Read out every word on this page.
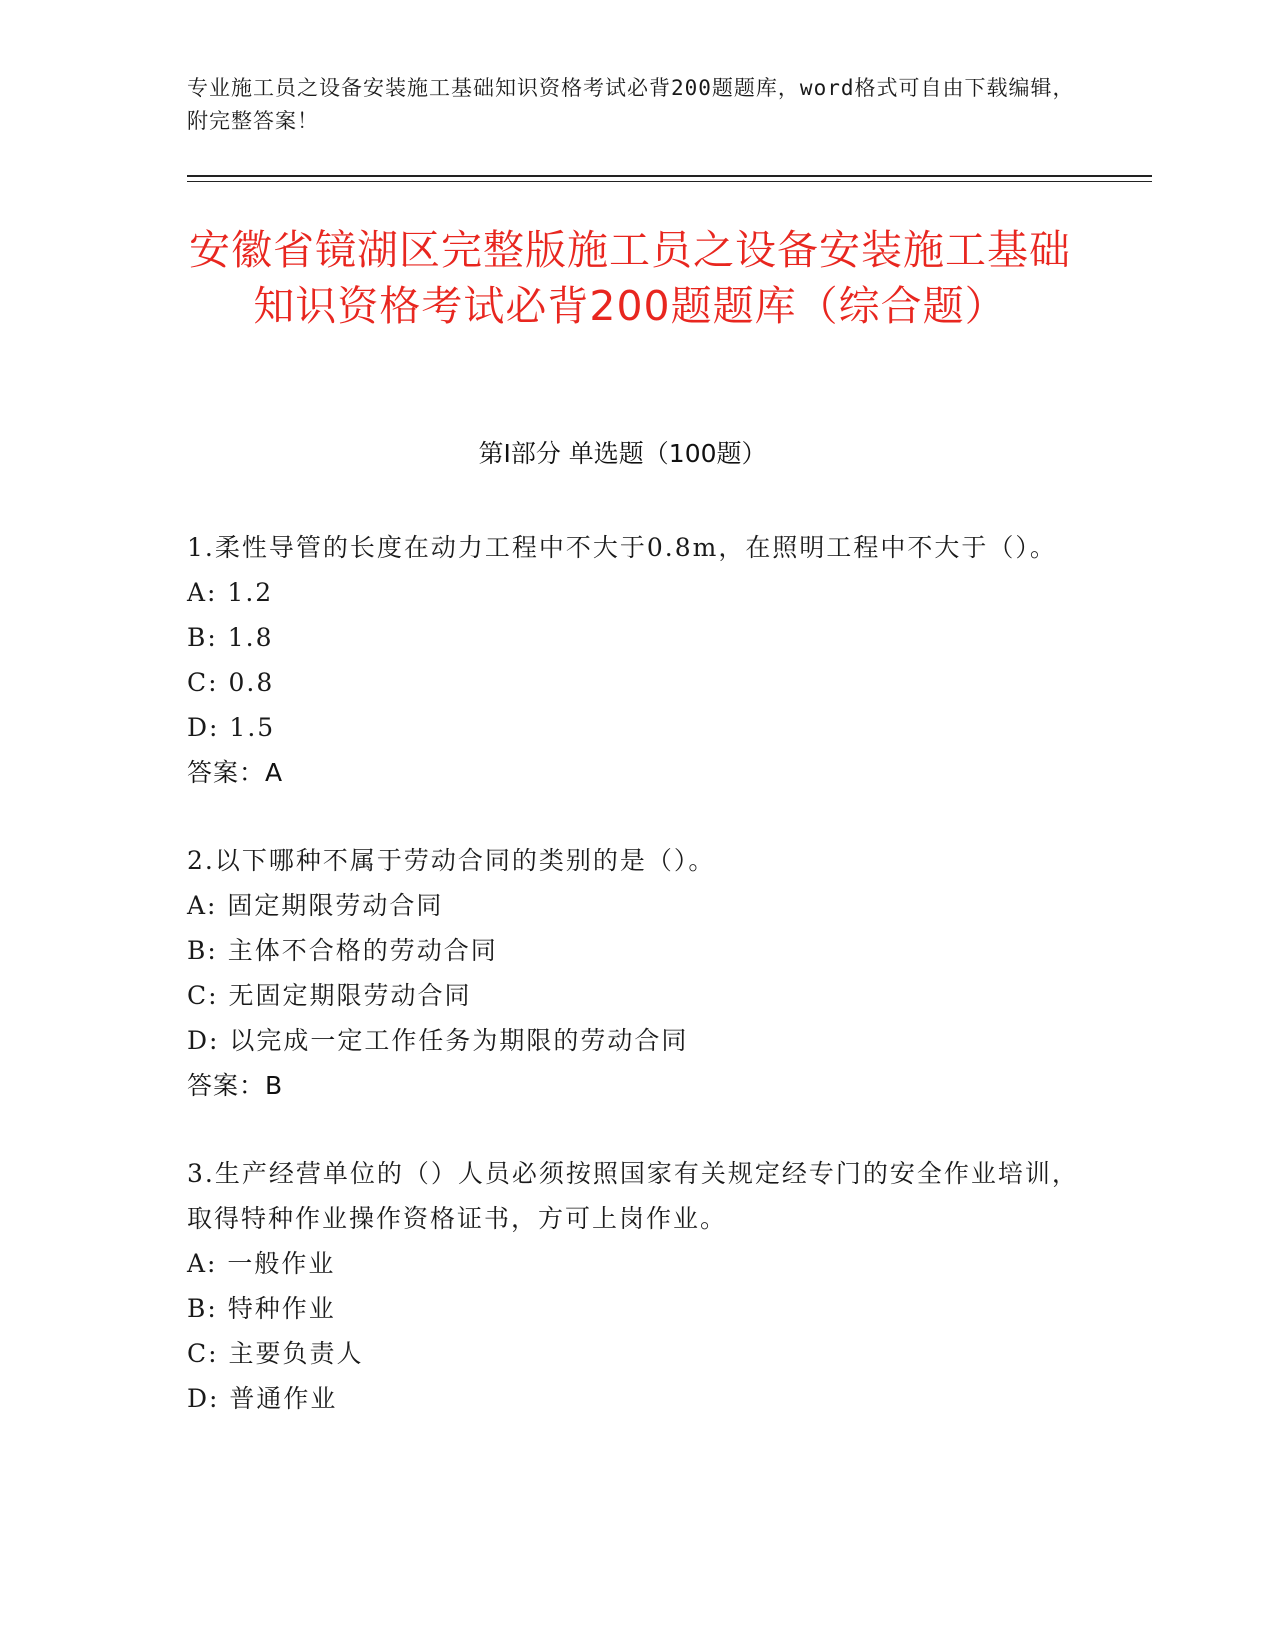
专业施工员之设备安装施工基础知识资格考试必背200题题库，word格式可自由下载编辑，附完整答案！
安徽省镜湖区完整版施工员之设备安装施工基础知识资格考试必背200题题库（综合题）
第I部分 单选题（100题）
1.柔性导管的长度在动力工程中不大于0.8m，在照明工程中不大于（）。
A: 1.2
B: 1.8
C: 0.8
D: 1.5
答案：A
2.以下哪种不属于劳动合同的类别的是（）。
A: 固定期限劳动合同
B: 主体不合格的劳动合同
C: 无固定期限劳动合同
D: 以完成一定工作任务为期限的劳动合同
答案：B
3.生产经营单位的（）人员必须按照国家有关规定经专门的安全作业培训，取得特种作业操作资格证书，方可上岗作业。
A: 一般作业
B: 特种作业
C: 主要负责人
D: 普通作业
